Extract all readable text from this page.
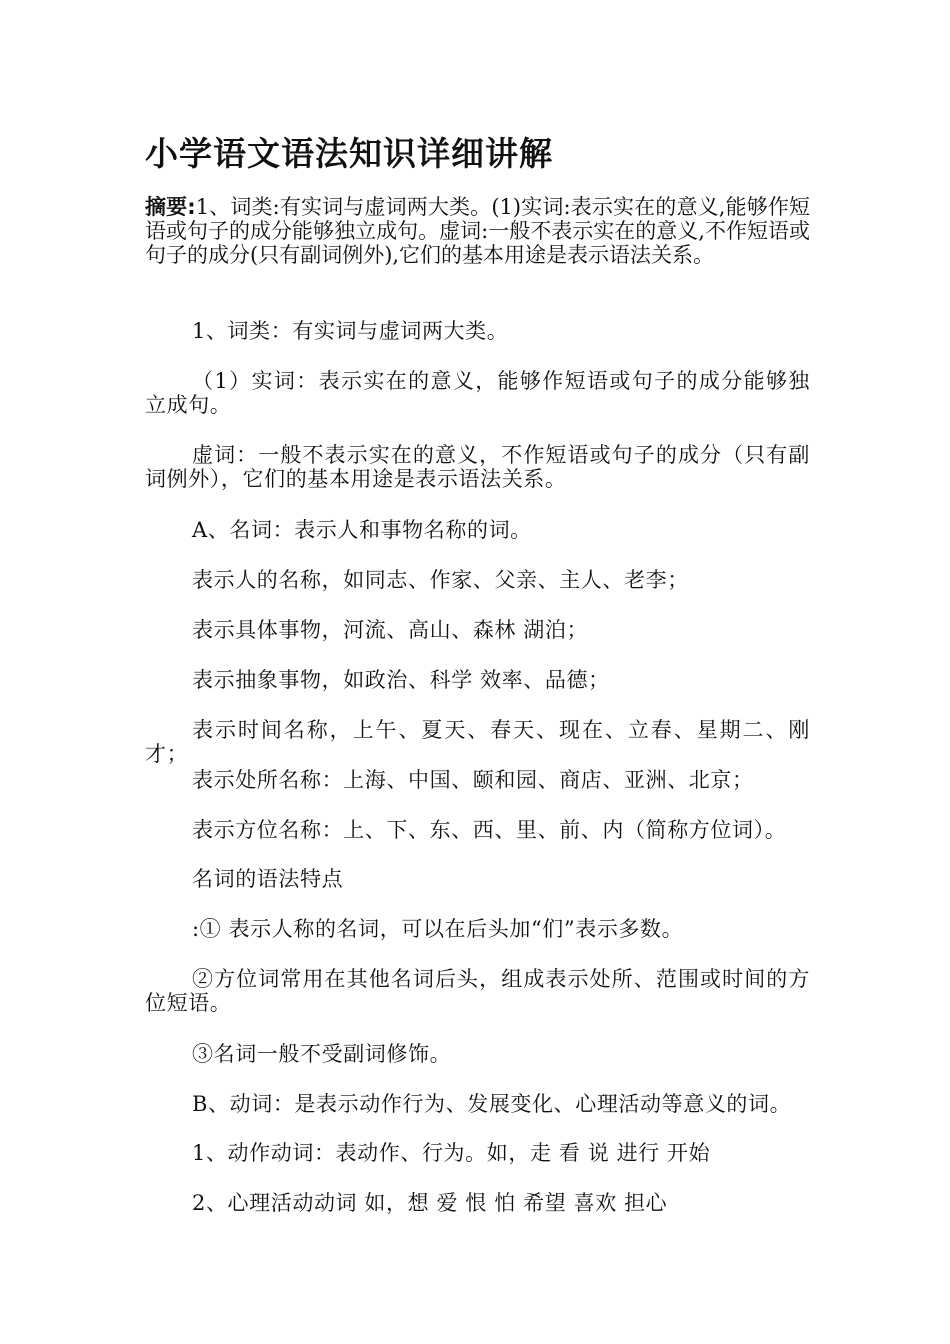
小学语文语法知识详细讲解
摘要:1、词类:有实词与虚词两大类。(1)实词:表示实在的意义,能够作短语或句子的成分能够独立成句。虚词:一般不表示实在的意义,不作短语或句子的成分(只有副词例外),它们的基本用途是表示语法关系。
1、词类：有实词与虚词两大类。
（1）实词：表示实在的意义，能够作短语或句子的成分能够独立成句。
虚词：一般不表示实在的意义，不作短语或句子的成分（只有副词例外），它们的基本用途是表示语法关系。
A、名词：表示人和事物名称的词。
表示人的名称，如同志、作家、父亲、主人、老李；
表示具体事物，河流、高山、森林 湖泊；
表示抽象事物，如政治、科学 效率、品德；
表示时间名称，上午、夏天、春天、现在、立春、星期二、刚才；
表示处所名称：上海、中国、颐和园、商店、亚洲、北京；
表示方位名称：上、下、东、西、里、前、内（简称方位词）。
名词的语法特点
:① 表示人称的名词，可以在后头加“们”表示多数。
②方位词常用在其他名词后头，组成表示处所、范围或时间的方位短语。
③名词一般不受副词修饰。
B、动词：是表示动作行为、发展变化、心理活动等意义的词。
1、动作动词：表动作、行为。如，走 看 说 进行 开始
2、心理活动动词 如，想 爱 恨 怕 希望 喜欢 担心
